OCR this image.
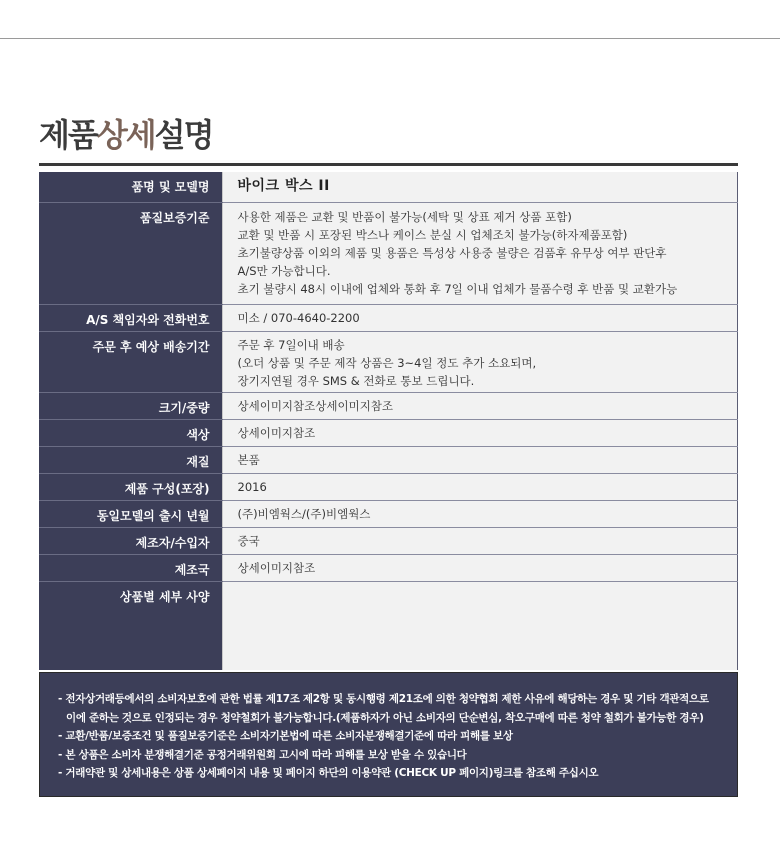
제품상세설명
품명 및 모델명	바이크 박스 II

품질보증기준	사용한 제품은 교환 및 반품이 불가능(세탁 및 상표 제거 상품 포함)
교환 및 반품 시 포장된 박스나 케이스 분실 시 업체조치 불가능(하자제품포함)
초기불량상품 이외의 제품 및 용품은 특성상 사용중 불량은 검품후 유무상 여부 판단후
A/S만 가능합니다.
초기 불량시 48시 이내에 업체와 통화 후 7일 이내 업체가 물품수령 후 반품 및 교환가능

A/S 책임자와 전화번호	미소 / 070-4640-2200

주문 후 예상 배송기간	주문 후 7일이내 배송
(오더 상품 및 주문 제작 상품은 3~4일 정도 추가 소요되며,
장기지연될 경우 SMS & 전화로 통보 드립니다.

크기/중량	상세이미지참조상세이미지참조

색상	상세이미지참조

재질	본품

제품 구성(포장)	2016

동일모델의 출시 년월	(주)비엠웍스/(주)비엠웍스

제조자/수입자	중국

제조국	상세이미지참조

상품별 세부 사양	
- 전자상거래등에서의 소비자보호에 관한 법률 제17조 제2항 및 동시행령 제21조에 의한 청약협회 제한 사유에 해당하는 경우 및 기타 객관적으로
이에 준하는 것으로 인정되는 경우 청약철회가 불가능합니다.(제품하자가 아닌 소비자의 단순변심, 착오구매에 따른 청약 철회가 불가능한 경우)
- 교환/반품/보증조건 및 품질보증기준은 소비자기본법에 따른 소비자분쟁해결기준에 따라 피해를 보상
- 본 상품은 소비자 분쟁해결기준 공정거래위원회 고시에 따라 피해를 보상 받을 수 있습니다
- 거래약관 및 상세내용은 상품 상세페이지 내용 및 페이지 하단의 이용약관 (CHECK UP 페이지)링크를 참조해 주십시오
